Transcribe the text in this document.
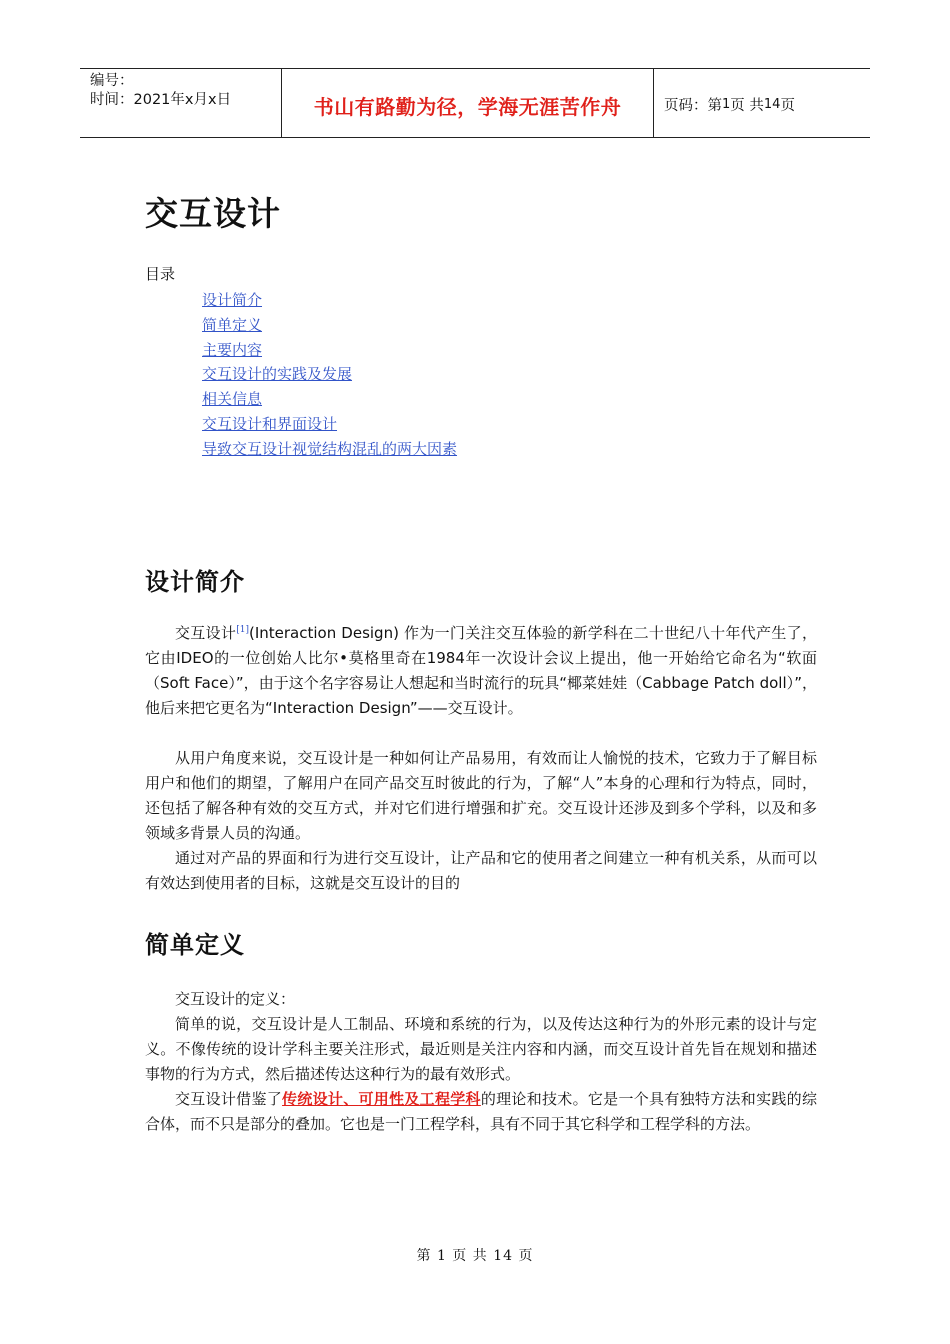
编号：
时间：2021年x月x日	书山有路勤为径，学海无涯苦作舟	页码：第 1 页 共 14 页
交互设计
目录
设计简介
简单定义
主要内容
交互设计的实践及发展
相关信息
交互设计和界面设计
导致交互设计视觉结构混乱的两大因素
设计简介

交互设计[1](Interaction Design) 作为一门关注交互体验的新学科在二十世纪八十年代产生了，它由IDEO的一位创始人比尔•莫格里奇在1984年一次设计会议上提出，他一开始给它命名为“软面（Soft Face）”，由于这个名字容易让人想起和当时流行的玩具“椰菜娃娃（Cabbage Patch doll）”，他后来把它更名为“Interaction Design”——交互设计。

从用户角度来说，交互设计是一种如何让产品易用，有效而让人愉悦的技术，它致力于了解目标用户和他们的期望，了解用户在同产品交互时彼此的行为，了解“人”本身的心理和行为特点，同时，还包括了解各种有效的交互方式，并对它们进行增强和扩充。交互设计还涉及到多个学科，以及和多领域多背景人员的沟通。

通过对产品的界面和行为进行交互设计，让产品和它的使用者之间建立一种有机关系，从而可以有效达到使用者的目标，这就是交互设计的目的

简单定义

交互设计的定义：

简单的说，交互设计是人工制品、环境和系统的行为，以及传达这种行为的外形元素的设计与定义。不像传统的设计学科主要关注形式，最近则是关注内容和内涵，而交互设计首先旨在规划和描述事物的行为方式，然后描述传达这种行为的最有效形式。

交互设计借鉴了传统设计、可用性及工程学科的理论和技术。它是一个具有独特方法和实践的综合体，而不只是部分的叠加。它也是一门工程学科，具有不同于其它科学和工程学科的方法。

第 1 页 共 14 页
